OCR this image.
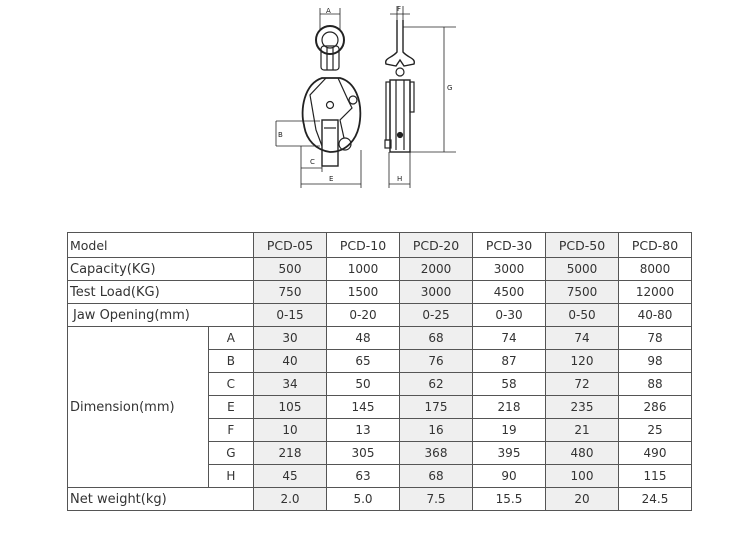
A
B
C
E
F
G
H
Model		PCD-05	PCD-10	PCD-20	PCD-30	PCD-50	PCD-80
Capacity(KG)		500	1000	2000	3000	5000	8000
Test Load(KG)		750	1500	3000	4500	7500	12000
Jaw Opening(mm)		0-15	0-20	0-25	0-30	0-50	40-80
Dimension(mm)	A	30	48	68	74	74	78
	B	40	65	76	87	120	98
	C	34	50	62	58	72	88
	E	105	145	175	218	235	286
	F	10	13	16	19	21	25
	G	218	305	368	395	480	490
	H	45	63	68	90	100	115
Net weight(kg)		2.0	5.0	7.5	15.5	20	24.5
